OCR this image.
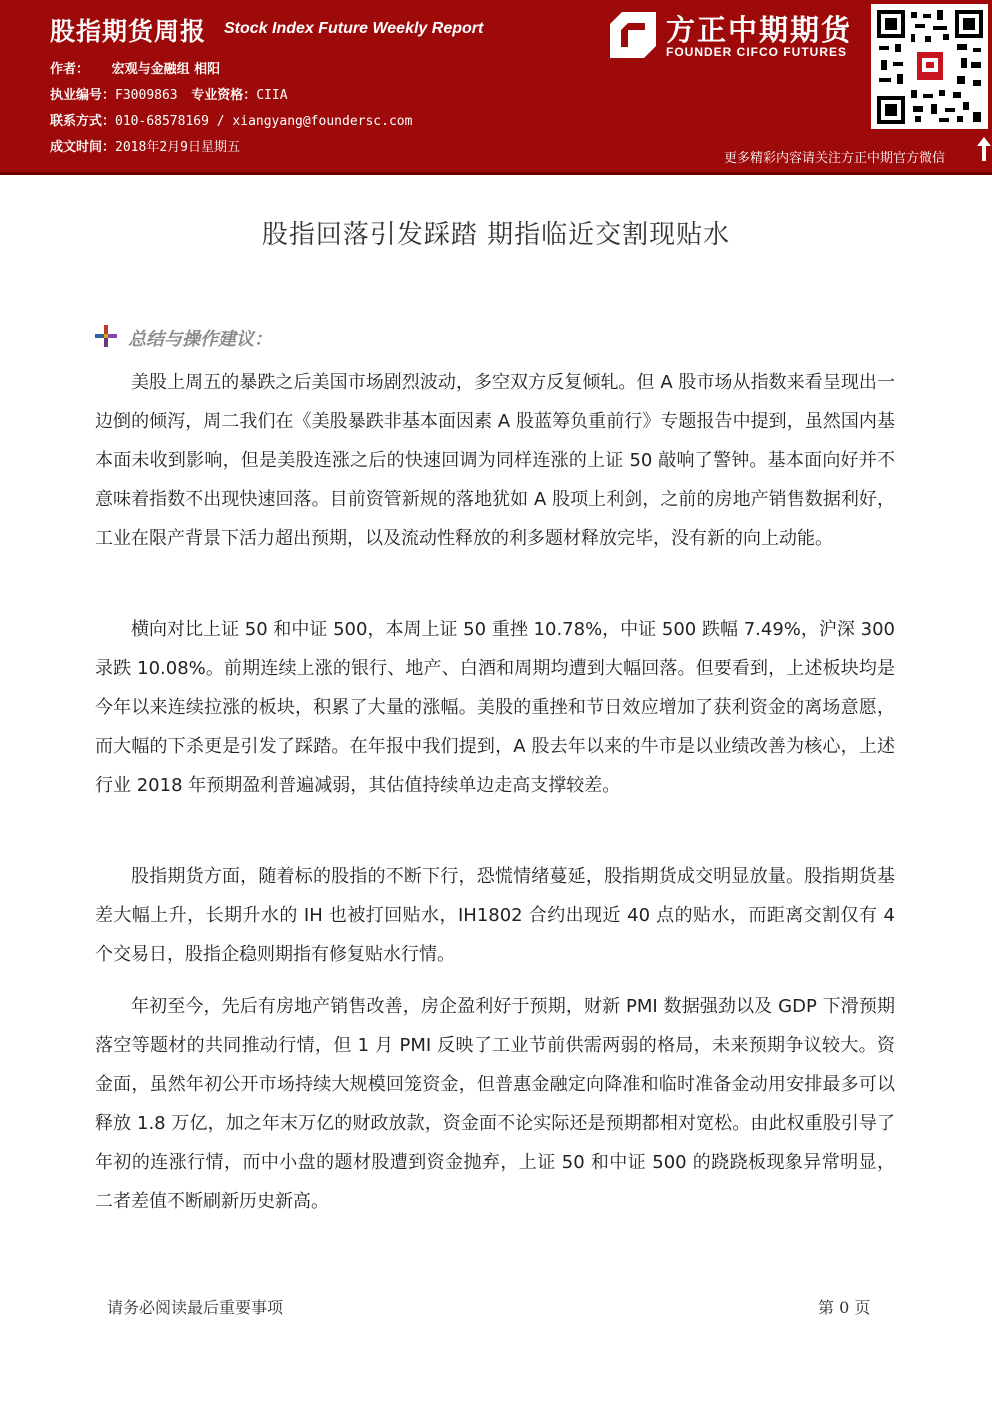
股指期货周报 Stock Index Future Weekly Report
作者： 宏观与金融组 相阳
执业编号：F3009863 专业资格：CIIA
联系方式：010-68578169 / xiangyang@foundersc.com
成文时间：2018年2月9日星期五
方正中期期货
FOUNDER CIFCO FUTURES
更多精彩内容请关注方正中期官方微信
股指回落引发踩踏 期指临近交割现贴水
总结与操作建议：

美股上周五的暴跌之后美国市场剧烈波动，多空双方反复倾轧。但 A 股市场从指数来看呈现出一边倒的倾泻，周二我们在《美股暴跌非基本面因素 A 股蓝筹负重前行》专题报告中提到，虽然国内基本面未收到影响，但是美股连涨之后的快速回调为同样连涨的上证 50 敲响了警钟。基本面向好并不意味着指数不出现快速回落。目前资管新规的落地犹如 A 股项上利剑，之前的房地产销售数据利好，工业在限产背景下活力超出预期，以及流动性释放的利多题材释放完毕，没有新的向上动能。

横向对比上证 50 和中证 500，本周上证 50 重挫 10.78%，中证 500 跌幅 7.49%，沪深 300 录跌 10.08%。前期连续上涨的银行、地产、白酒和周期均遭到大幅回落。但要看到，上述板块均是今年以来连续拉涨的板块，积累了大量的涨幅。美股的重挫和节日效应增加了获利资金的离场意愿，而大幅的下杀更是引发了踩踏。在年报中我们提到，A 股去年以来的牛市是以业绩改善为核心，上述行业 2018 年预期盈利普遍减弱，其估值持续单边走高支撑较差。

股指期货方面，随着标的股指的不断下行，恐慌情绪蔓延，股指期货成交明显放量。股指期货基差大幅上升，长期升水的 IH 也被打回贴水，IH1802 合约出现近 40 点的贴水，而距离交割仅有 4 个交易日，股指企稳则期指有修复贴水行情。

年初至今，先后有房地产销售改善，房企盈利好于预期，财新 PMI 数据强劲以及 GDP 下滑预期落空等题材的共同推动行情，但 1 月 PMI 反映了工业节前供需两弱的格局，未来预期争议较大。资金面，虽然年初公开市场持续大规模回笼资金，但普惠金融定向降准和临时准备金动用安排最多可以释放 1.8 万亿，加之年末万亿的财政放款，资金面不论实际还是预期都相对宽松。由此权重股引导了年初的连涨行情，而中小盘的题材股遭到资金抛弃，上证 50 和中证 500 的跷跷板现象异常明显，二者差值不断刷新历史新高。

请务必阅读最后重要事项	第 0 页
